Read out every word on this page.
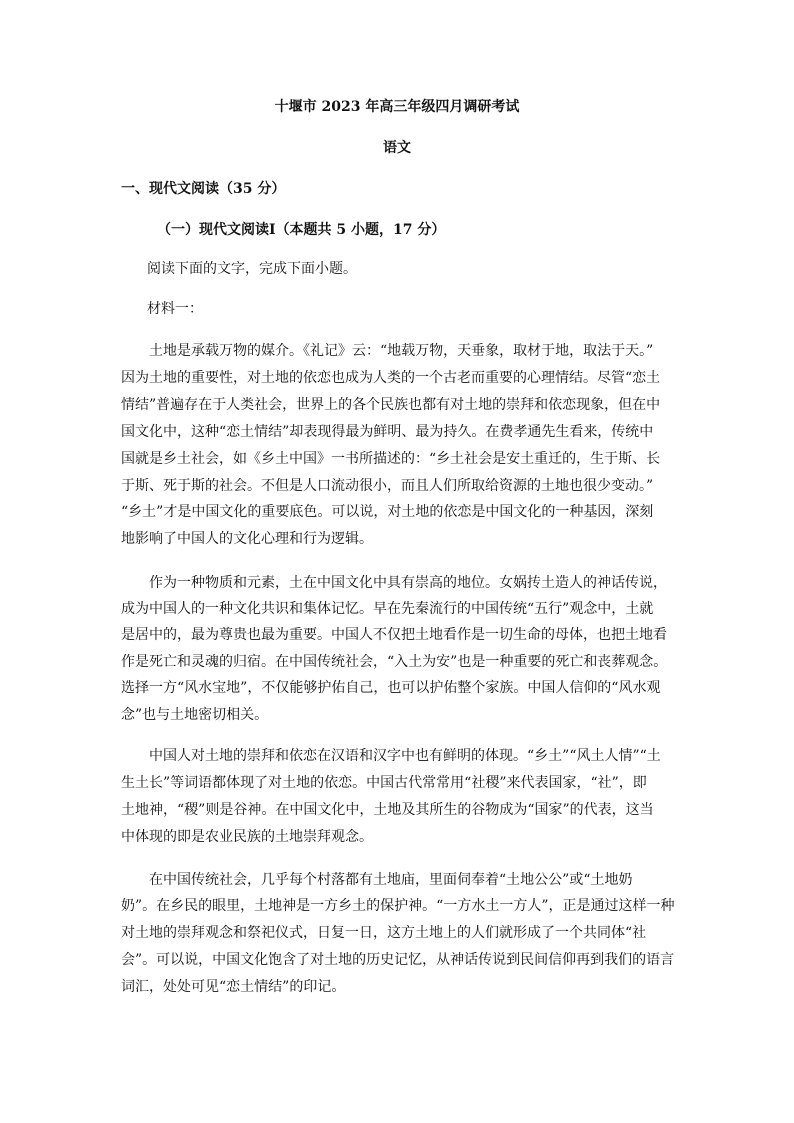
十堰市 2023 年高三年级四月调研考试
语文
一、现代文阅读（35 分）
（一）现代文阅读Ⅰ（本题共 5 小题，17 分）
阅读下面的文字，完成下面小题。
材料一：
　　土地是承载万物的媒介。《礼记》云：“地载万物，天垂象，取材于地，取法于天。”
因为土地的重要性，对土地的依恋也成为人类的一个古老而重要的心理情结。尽管“恋土
情结”普遍存在于人类社会，世界上的各个民族也都有对土地的崇拜和依恋现象，但在中
国文化中，这种“恋土情结”却表现得最为鲜明、最为持久。在费孝通先生看来，传统中
国就是乡土社会，如《乡土中国》一书所描述的：“乡土社会是安土重迁的，生于斯、长
于斯、死于斯的社会。不但是人口流动很小，而且人们所取给资源的土地也很少变动。”
“乡土”才是中国文化的重要底色。可以说，对土地的依恋是中国文化的一种基因，深刻
地影响了中国人的文化心理和行为逻辑。
　　作为一种物质和元素，土在中国文化中具有崇高的地位。女娲抟土造人的神话传说，
成为中国人的一种文化共识和集体记忆。早在先秦流行的中国传统“五行”观念中，土就
是居中的，最为尊贵也最为重要。中国人不仅把土地看作是一切生命的母体，也把土地看
作是死亡和灵魂的归宿。在中国传统社会，“入土为安”也是一种重要的死亡和丧葬观念。
选择一方“风水宝地”，不仅能够护佑自己，也可以护佑整个家族。中国人信仰的“风水观
念”也与土地密切相关。
　　中国人对土地的崇拜和依恋在汉语和汉字中也有鲜明的体现。“乡土”“风土人情”“土
生土长”等词语都体现了对土地的依恋。中国古代常常用“社稷”来代表国家，“社”，即
土地神，“稷”则是谷神。在中国文化中，土地及其所生的谷物成为“国家”的代表，这当
中体现的即是农业民族的土地崇拜观念。
　　在中国传统社会，几乎每个村落都有土地庙，里面伺奉着“土地公公”或“土地奶
奶”。在乡民的眼里，土地神是一方乡土的保护神。“一方水土一方人”，正是通过这样一种
对土地的崇拜观念和祭祀仪式，日复一日，这方土地上的人们就形成了一个共同体“社
会”。可以说，中国文化饱含了对土地的历史记忆，从神话传说到民间信仰再到我们的语言
词汇，处处可见“恋土情结”的印记。
